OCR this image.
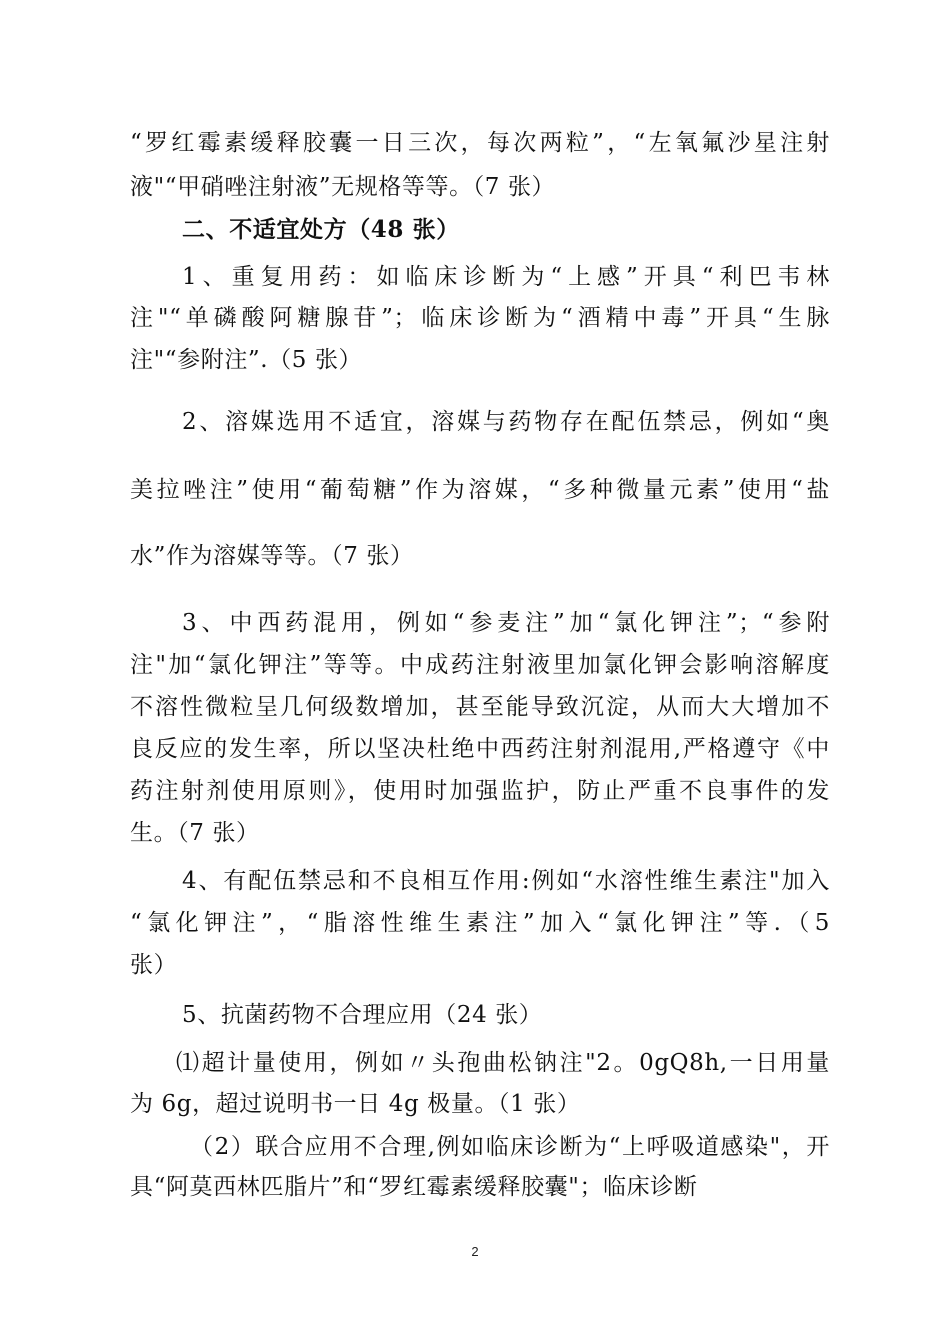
“罗红霉素缓释胶囊一日三次，每次两粒”，“左氧氟沙星注射
液"“甲硝唑注射液”无规格等等。（7 张）
二、不适宜处方（48 张）
1、重复用药：如临床诊断为“上感”开具“利巴韦林
注"“单磷酸阿糖腺苷”；临床诊断为“酒精中毒”开具“生脉
注"“参附注”.（5 张）
2、溶媒选用不适宜，溶媒与药物存在配伍禁忌，例如“奥
美拉唑注”使用“葡萄糖”作为溶媒，“多种微量元素”使用“盐
水”作为溶媒等等。（7 张）
3、中西药混用，例如“参麦注”加“氯化钾注”；“参附
注"加“氯化钾注”等等。中成药注射液里加氯化钾会影响溶解度
不溶性微粒呈几何级数增加，甚至能导致沉淀，从而大大增加不
良反应的发生率，所以坚决杜绝中西药注射剂混用,严格遵守《中
药注射剂使用原则》，使用时加强监护，防止严重不良事件的发
生。（7 张）
4、有配伍禁忌和不良相互作用:例如“水溶性维生素注"加入
“氯化钾注”，“脂溶性维生素注”加入“氯化钾注”等.（5
张）
5、抗菌药物不合理应用（24 张）
⑴超计量使用，例如〃头孢曲松钠注"2。0gQ8h,一日用量
为 6g，超过说明书一日 4g 极量。（1 张）
（2）联合应用不合理,例如临床诊断为“上呼吸道感染"，开
具“阿莫西林匹脂片”和“罗红霉素缓释胶囊"；临床诊断
2
